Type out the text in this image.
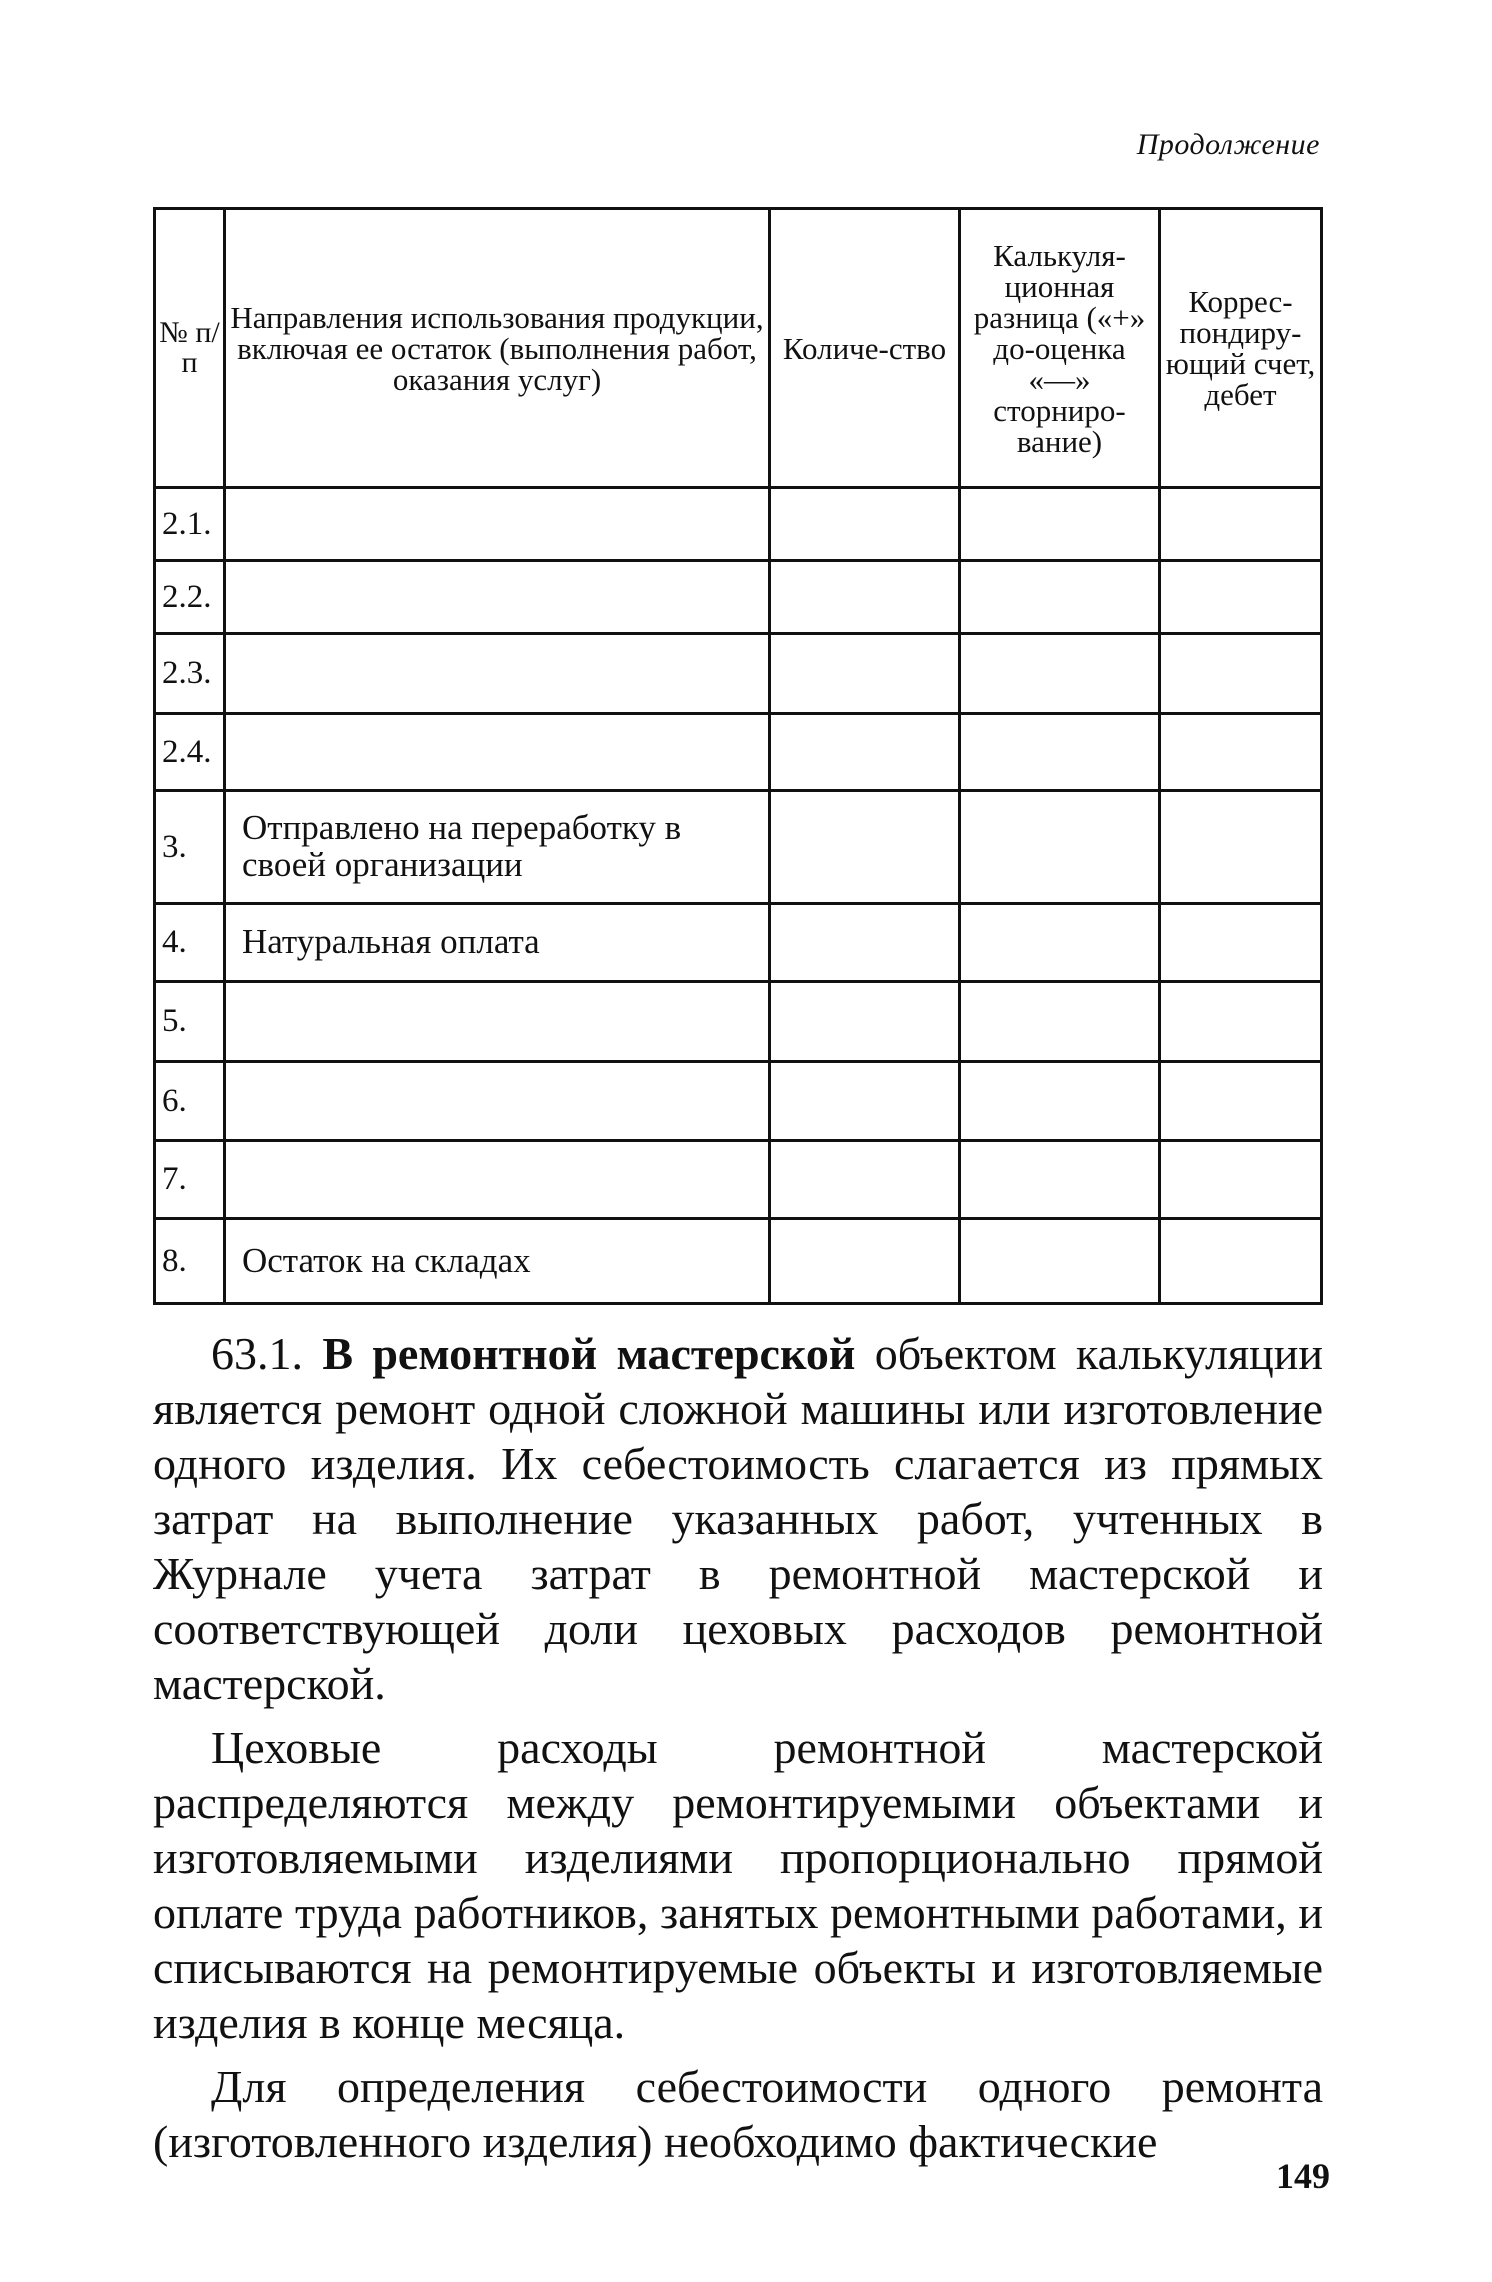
Продолжение
№ п/п	Направления использования продукции, включая ее остаток (выполнения работ, оказания услуг)	Количе-ство	Калькуля-ционная разница («+» до-оценка «—» сторниро-вание)	Коррес-пондиру-ющий счет, дебет
2.1.				
2.2.				
2.3.				
2.4.				
3.	Отправлено на переработку в своей организации			
4.	Натуральная оплата			
5.				
6.				
7.				
8.	Остаток на складах			

63.1. В ремонтной мастерской объектом калькуляции является ремонт одной сложной машины или изготовление одного изделия. Их себестоимость слагается из прямых затрат на выполнение указанных работ, учтенных в Журнале учета затрат в ремонтной мастерской и соответствующей доли цеховых расходов ремонтной мастерской.

Цеховые расходы ремонтной мастерской распределяются между ремонтируемыми объектами и изготовляемыми изделиями пропорционально прямой оплате труда работников, занятых ремонтными работами, и списываются на ремонтируемые объекты и изготовляемые изделия в конце месяца.

Для определения себестоимости одного ремонта (изготовленного изделия) необходимо фактические

149
